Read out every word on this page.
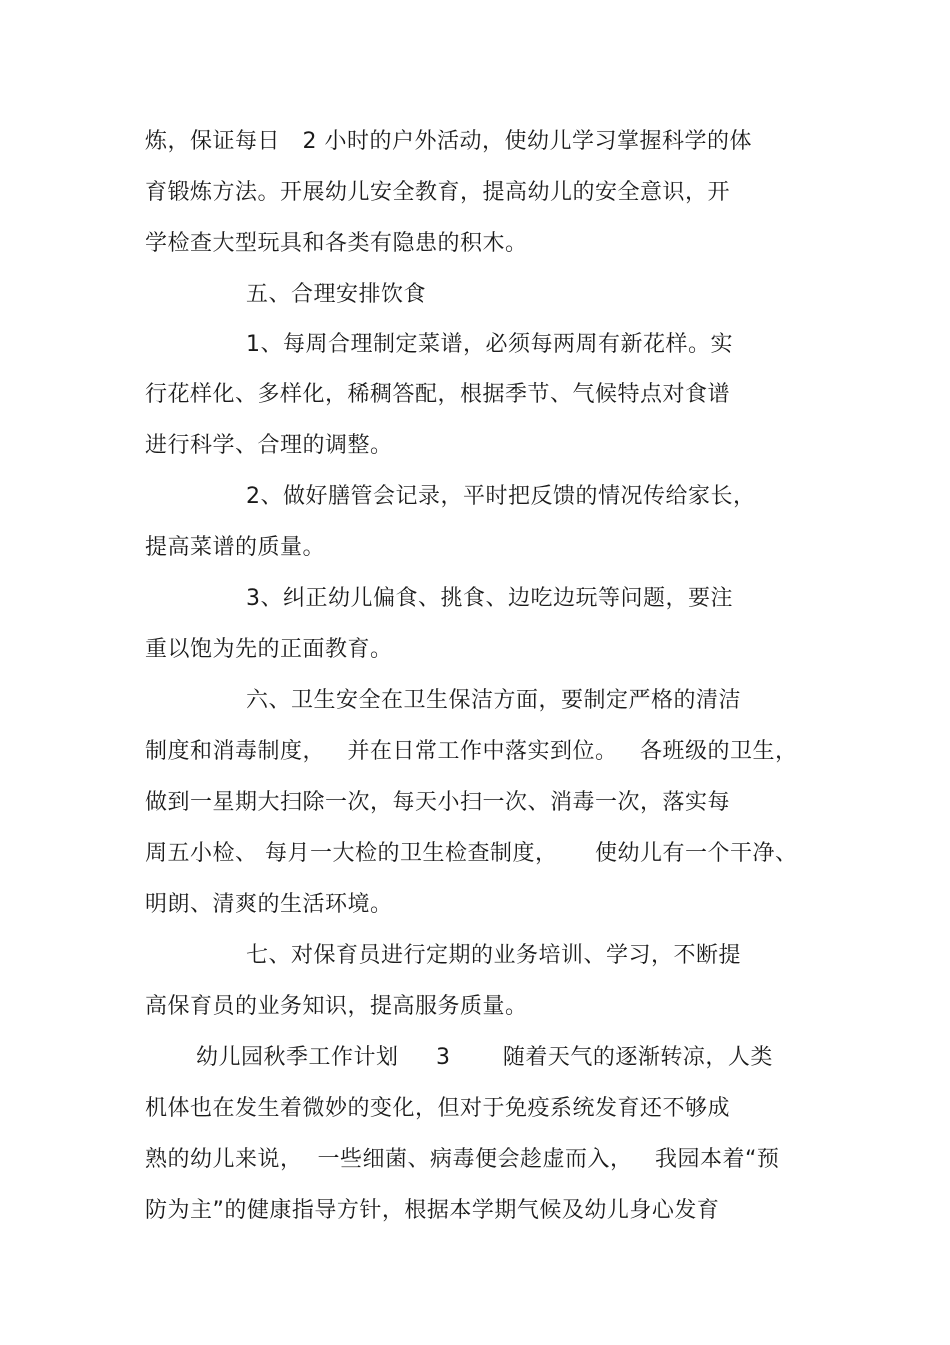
炼，保证每日   2 小时的户外活动，使幼儿学习掌握科学的体
育锻炼方法。开展幼儿安全教育，提高幼儿的安全意识，开
学检查大型玩具和各类有隐患的积木。
五、合理安排饮食
1、每周合理制定菜谱，必须每两周有新花样。实
行花样化、多样化，稀稠答配，根据季节、气候特点对食谱
进行科学、合理的调整。
2、做好膳管会记录，平时把反馈的情况传给家长，
提高菜谱的质量。
3、纠正幼儿偏食、挑食、边吃边玩等问题，要注
重以饱为先的正面教育。
六、卫生安全在卫生保洁方面，要制定严格的清洁
制度和消毒制度，   并在日常工作中落实到位。   各班级的卫生，
做到一星期大扫除一次，每天小扫一次、消毒一次，落实每
周五小检、 每月一大检的卫生检查制度，     使幼儿有一个干净、
明朗、清爽的生活环境。
七、对保育员进行定期的业务培训、学习，不断提
高保育员的业务知识，提高服务质量。
幼儿园秋季工作计划     3       随着天气的逐渐转凉，人类
机体也在发生着微妙的变化，但对于免疫系统发育还不够成
熟的幼儿来说，  一些细菌、病毒便会趁虚而入，   我园本着“预
防为主”的健康指导方针，根据本学期气候及幼儿身心发育
